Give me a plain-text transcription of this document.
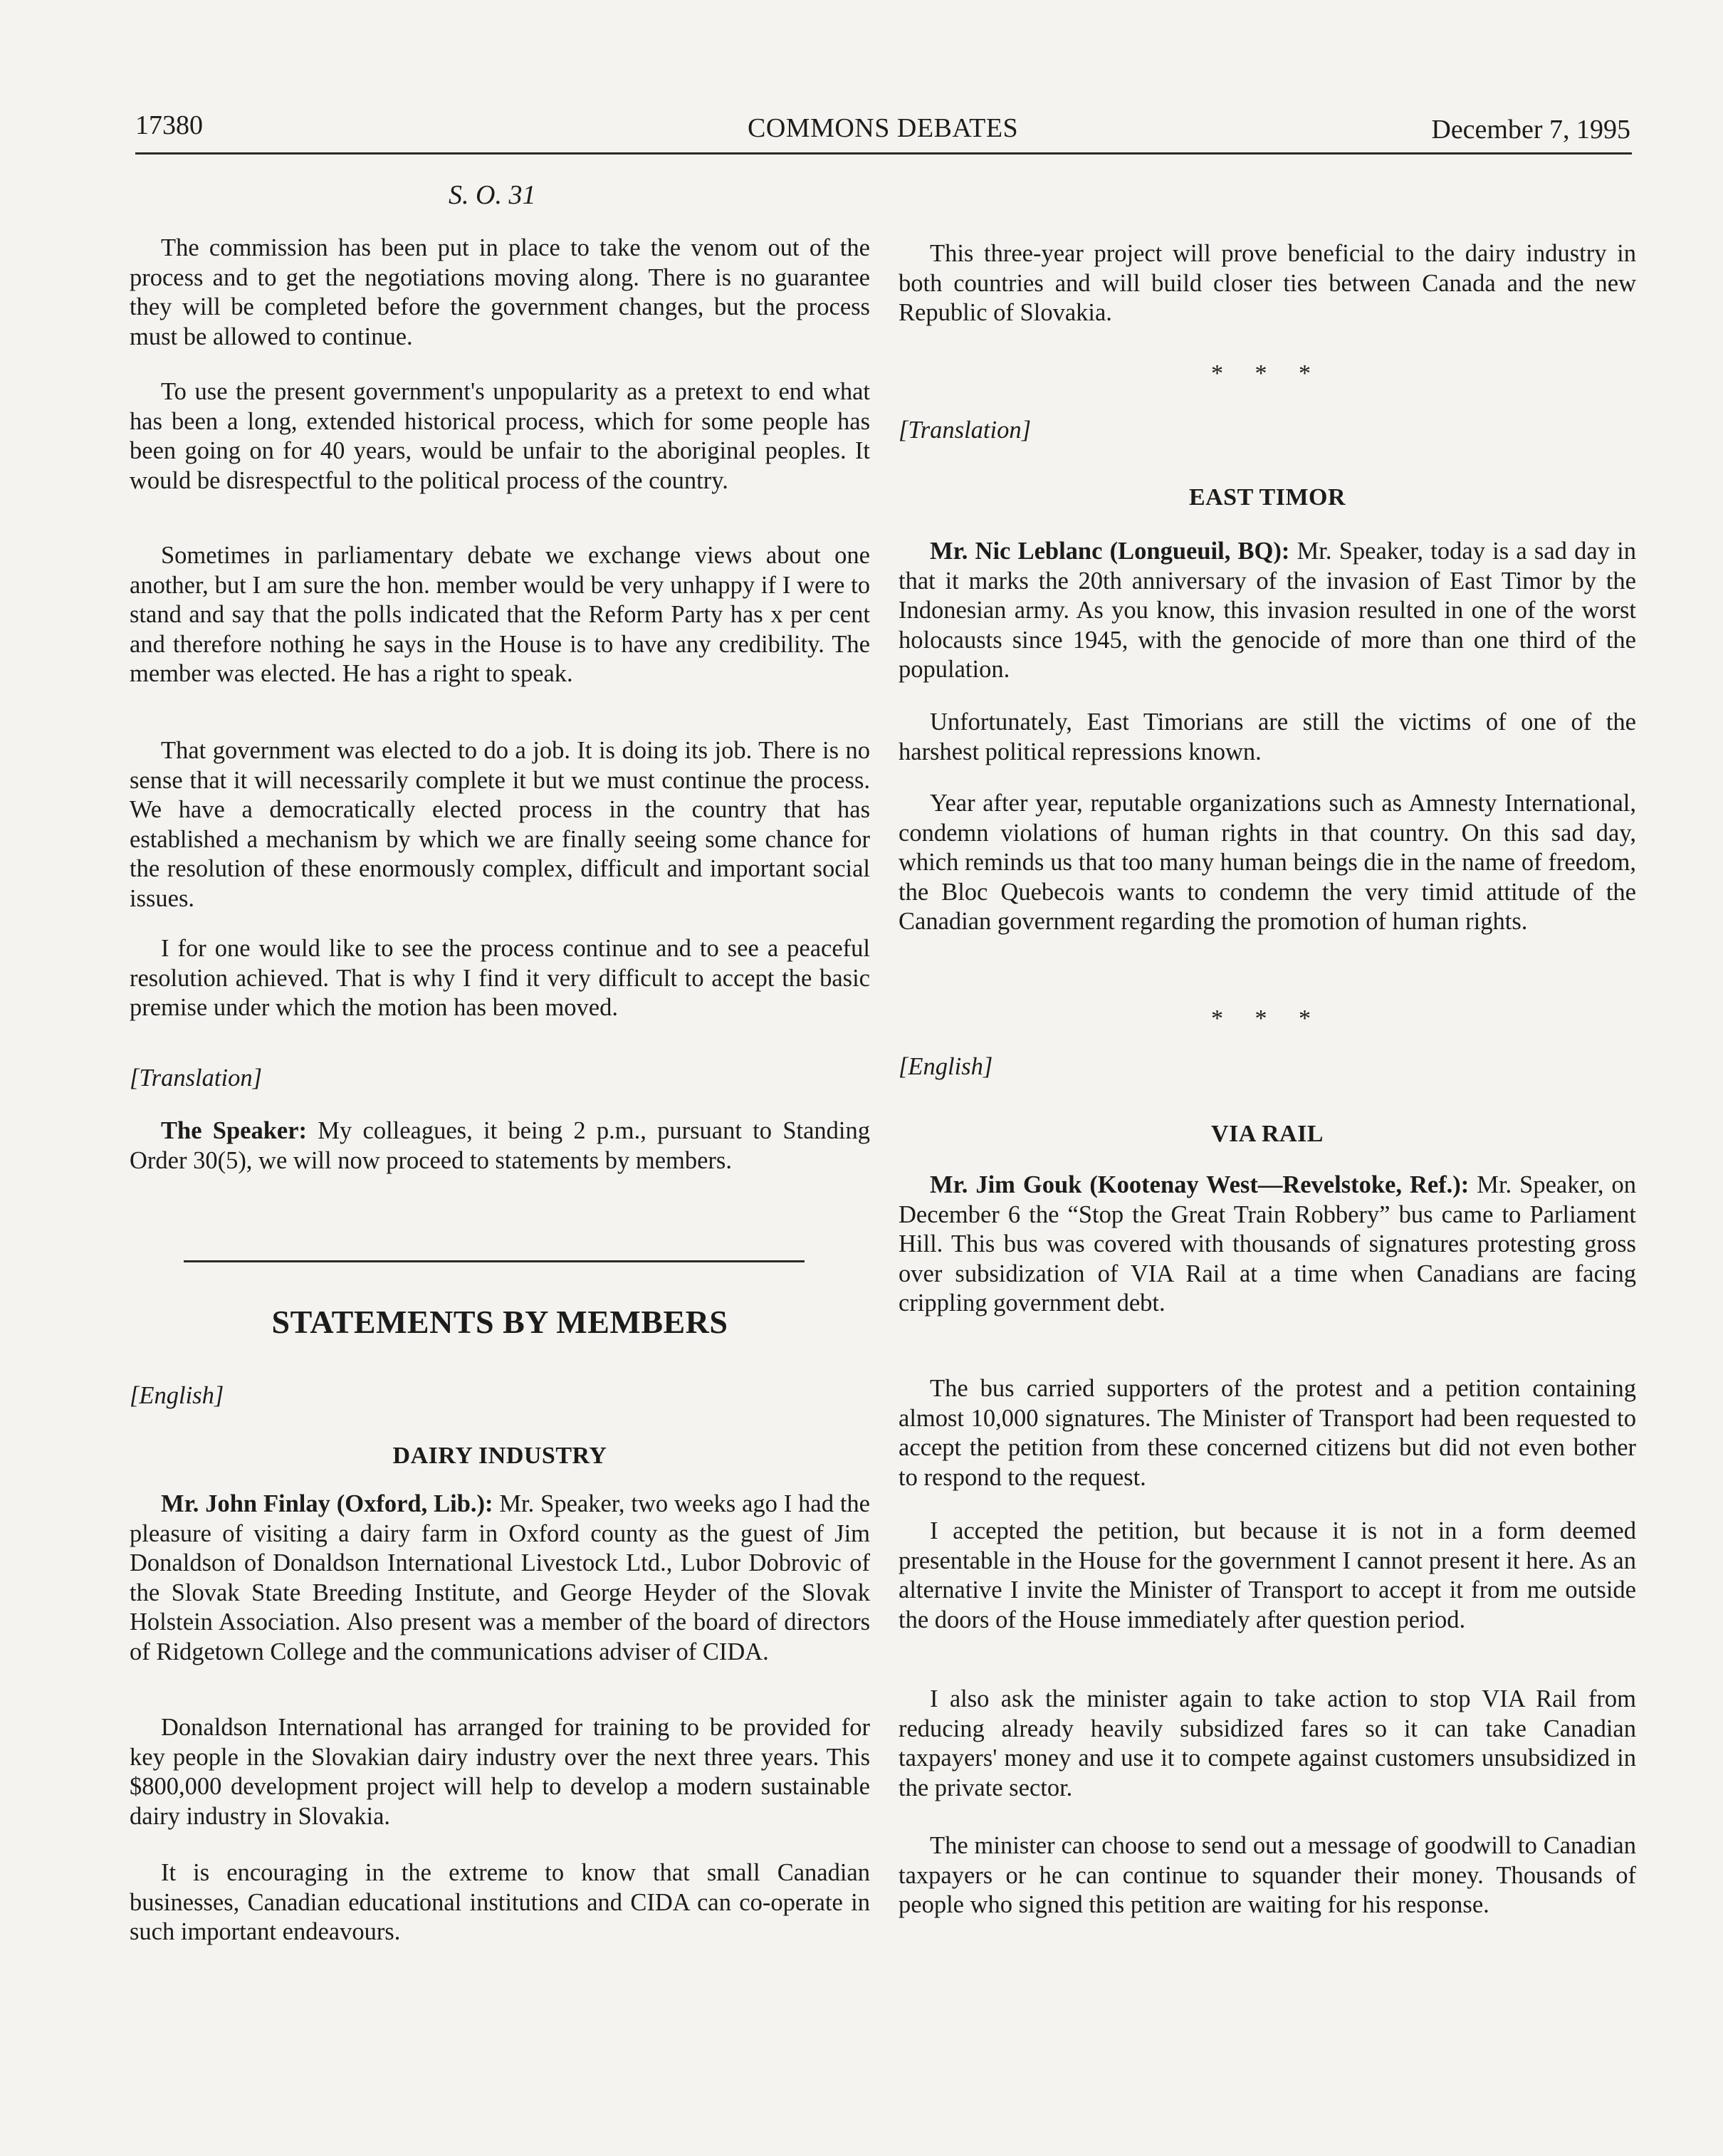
17380	COMMONS DEBATES	December 7, 1995
S. O. 31

The commission has been put in place to take the venom out of the process and to get the negotiations moving along. There is no guarantee they will be completed before the government changes, but the process must be allowed to continue.

To use the present government's unpopularity as a pretext to end what has been a long, extended historical process, which for some people has been going on for 40 years, would be unfair to the aboriginal peoples. It would be disrespectful to the political process of the country.

Sometimes in parliamentary debate we exchange views about one another, but I am sure the hon. member would be very unhappy if I were to stand and say that the polls indicated that the Reform Party has x per cent and therefore nothing he says in the House is to have any credibility. The member was elected. He has a right to speak.

That government was elected to do a job. It is doing its job. There is no sense that it will necessarily complete it but we must continue the process. We have a democratically elected process in the country that has established a mechanism by which we are finally seeing some chance for the resolution of these enormously complex, difficult and important social issues.

I for one would like to see the process continue and to see a peaceful resolution achieved. That is why I find it very difficult to accept the basic premise under which the motion has been moved.

[Translation]

The Speaker: My colleagues, it being 2 p.m., pursuant to Standing Order 30(5), we will now proceed to statements by members.

STATEMENTS BY MEMBERS

[English]

DAIRY INDUSTRY

Mr. John Finlay (Oxford, Lib.): Mr. Speaker, two weeks ago I had the pleasure of visiting a dairy farm in Oxford county as the guest of Jim Donaldson of Donaldson International Livestock Ltd., Lubor Dobrovic of the Slovak State Breeding Institute, and George Heyder of the Slovak Holstein Association. Also present was a member of the board of directors of Ridgetown College and the communications adviser of CIDA.

Donaldson International has arranged for training to be provided for key people in the Slovakian dairy industry over the next three years. This $800,000 development project will help to develop a modern sustainable dairy industry in Slovakia.

It is encouraging in the extreme to know that small Canadian businesses, Canadian educational institutions and CIDA can co-operate in such important endeavours.

This three-year project will prove beneficial to the dairy industry in both countries and will build closer ties between Canada and the new Republic of Slovakia.

* * *

[Translation]

EAST TIMOR

Mr. Nic Leblanc (Longueuil, BQ): Mr. Speaker, today is a sad day in that it marks the 20th anniversary of the invasion of East Timor by the Indonesian army. As you know, this invasion resulted in one of the worst holocausts since 1945, with the genocide of more than one third of the population.

Unfortunately, East Timorians are still the victims of one of the harshest political repressions known.

Year after year, reputable organizations such as Amnesty International, condemn violations of human rights in that country. On this sad day, which reminds us that too many human beings die in the name of freedom, the Bloc Quebecois wants to condemn the very timid attitude of the Canadian government regarding the promotion of human rights.

* * *

[English]

VIA RAIL

Mr. Jim Gouk (Kootenay West—Revelstoke, Ref.): Mr. Speaker, on December 6 the “Stop the Great Train Robbery” bus came to Parliament Hill. This bus was covered with thousands of signatures protesting gross over subsidization of VIA Rail at a time when Canadians are facing crippling government debt.

The bus carried supporters of the protest and a petition containing almost 10,000 signatures. The Minister of Transport had been requested to accept the petition from these concerned citizens but did not even bother to respond to the request.

I accepted the petition, but because it is not in a form deemed presentable in the House for the government I cannot present it here. As an alternative I invite the Minister of Transport to accept it from me outside the doors of the House immediately after question period.

I also ask the minister again to take action to stop VIA Rail from reducing already heavily subsidized fares so it can take Canadian taxpayers' money and use it to compete against customers unsubsidized in the private sector.

The minister can choose to send out a message of goodwill to Canadian taxpayers or he can continue to squander their money. Thousands of people who signed this petition are waiting for his response.
